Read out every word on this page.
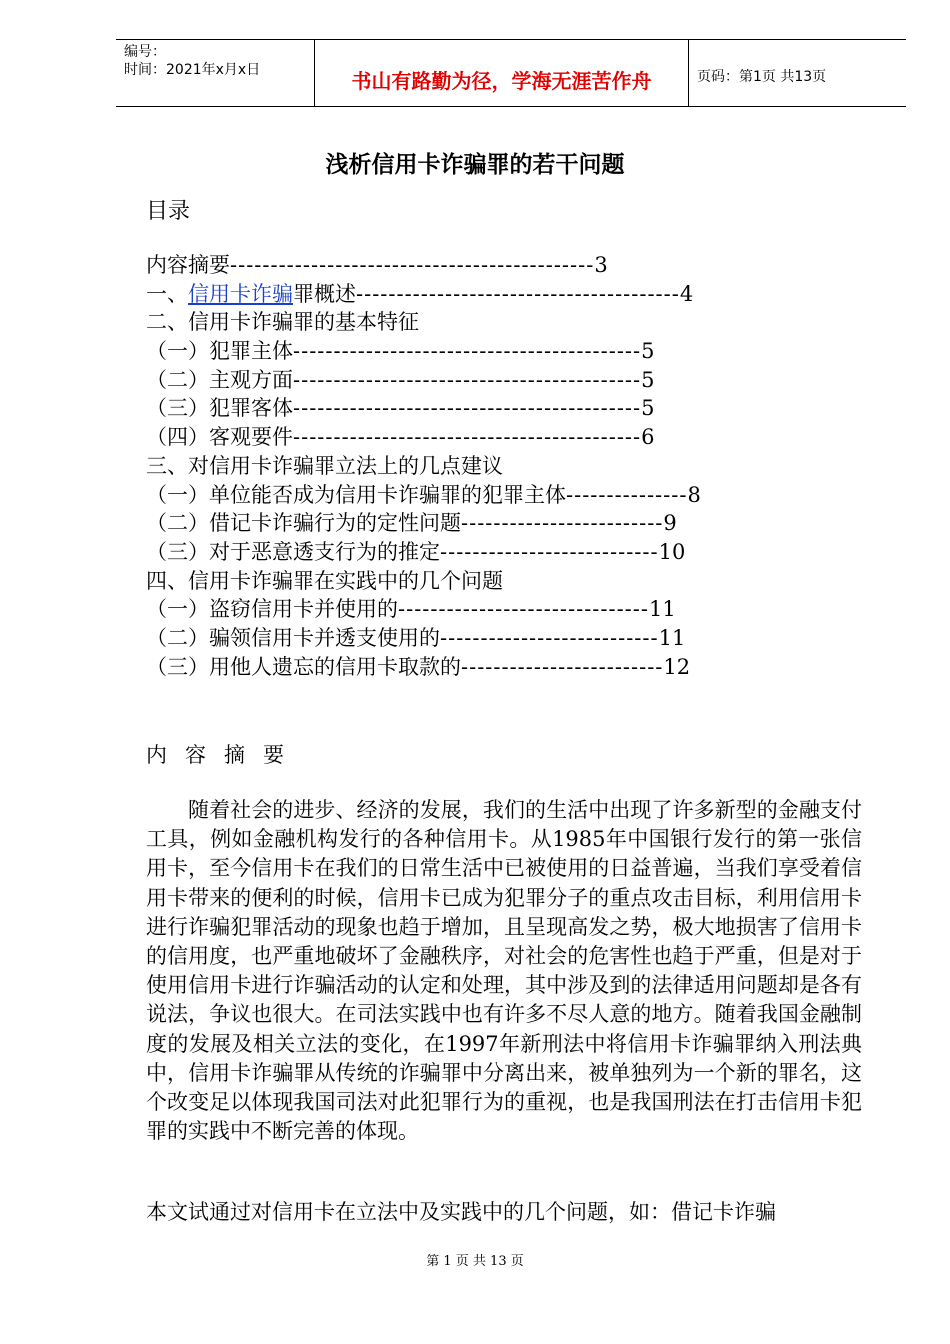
编号：
时间：2021年x月x日	书山有路勤为径，学海无涯苦作舟	页码：第1页 共13页
浅析信用卡诈骗罪的若干问题
目录
内容摘要---------------------------------------------3
一、信用卡诈骗罪概述----------------------------------------4
二、信用卡诈骗罪的基本特征
（一）犯罪主体-------------------------------------------5
（二）主观方面-------------------------------------------5
（三）犯罪客体-------------------------------------------5
（四）客观要件-------------------------------------------6
三、对信用卡诈骗罪立法上的几点建议
（一）单位能否成为信用卡诈骗罪的犯罪主体---------------8
（二）借记卡诈骗行为的定性问题-------------------------9
（三）对于恶意透支行为的推定---------------------------10
四、信用卡诈骗罪在实践中的几个问题
（一）盗窃信用卡并使用的-------------------------------11
（二）骗领信用卡并透支使用的---------------------------11
（三）用他人遗忘的信用卡取款的-------------------------12
内容摘要
随着社会的进步、经济的发展，我们的生活中出现了许多新型的金融支付工具，例如金融机构发行的各种信用卡。从1985年中国银行发行的第一张信用卡，至今信用卡在我们的日常生活中已被使用的日益普遍，当我们享受着信用卡带来的便利的时候，信用卡已成为犯罪分子的重点攻击目标，利用信用卡进行诈骗犯罪活动的现象也趋于增加，且呈现高发之势，极大地损害了信用卡的信用度，也严重地破坏了金融秩序，对社会的危害性也趋于严重，但是对于使用信用卡进行诈骗活动的认定和处理，其中涉及到的法律适用问题却是各有说法，争议也很大。在司法实践中也有许多不尽人意的地方。随着我国金融制度的发展及相关立法的变化，在1997年新刑法中将信用卡诈骗罪纳入刑法典中，信用卡诈骗罪从传统的诈骗罪中分离出来，被单独列为一个新的罪名，这个改变足以体现我国司法对此犯罪行为的重视，也是我国刑法在打击信用卡犯罪的实践中不断完善的体现。
本文试通过对信用卡在立法中及实践中的几个问题，如：借记卡诈骗
第 1 页 共 13 页
